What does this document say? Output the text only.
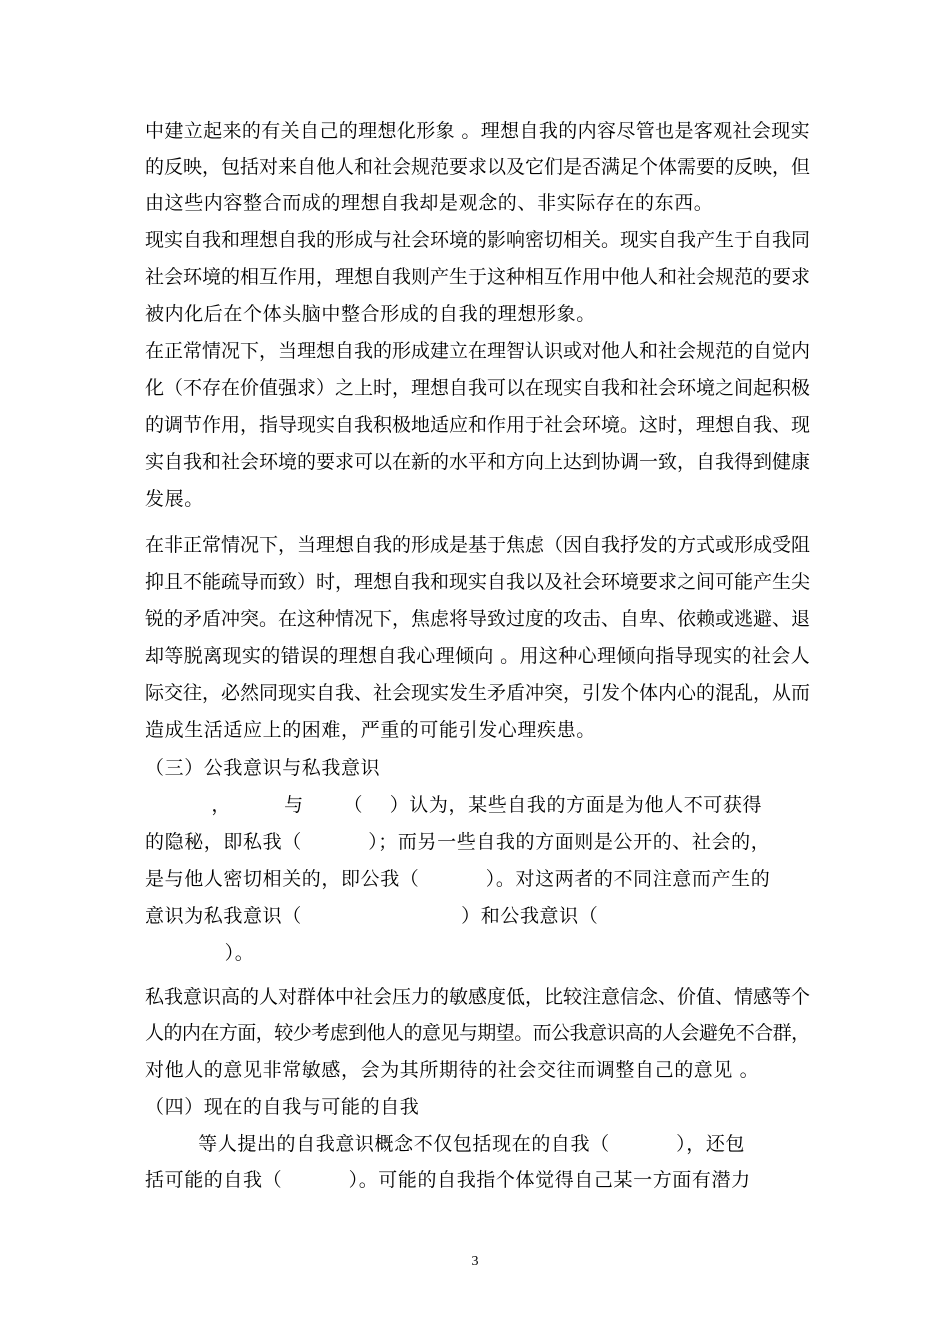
中建立起来的有关自己的理想化形象 。理想自我的内容尽管也是客观社会现实
的反映，包括对来自他人和社会规范要求以及它们是否满足个体需要的反映，但
由这些内容整合而成的理想自我却是观念的、非实际存在的东西。
现实自我和理想自我的形成与社会环境的影响密切相关。现实自我产生于自我同
社会环境的相互作用，理想自我则产生于这种相互作用中他人和社会规范的要求
被内化后在个体头脑中整合形成的自我的理想形象。
在正常情况下，当理想自我的形成建立在理智认识或对他人和社会规范的自觉内
化（不存在价值强求）之上时，理想自我可以在现实自我和社会环境之间起积极
的调节作用，指导现实自我积极地适应和作用于社会环境。这时，理想自我、现
实自我和社会环境的要求可以在新的水平和方向上达到协调一致，自我得到健康
发展。
在非正常情况下，当理想自我的形成是基于焦虑（因自我抒发的方式或形成受阻
抑且不能疏导而致）时，理想自我和现实自我以及社会环境要求之间可能产生尖
锐的矛盾冲突。在这种情况下，焦虑将导致过度的攻击、自卑、依赖或逃避、退
却等脱离现实的错误的理想自我心理倾向 。用这种心理倾向指导现实的社会人
际交往，必然同现实自我、社会现实发生矛盾冲突，引发个体内心的混乱，从而
造成生活适应上的困难，严重的可能引发心理疾患。
（三）公我意识与私我意识
，        与      （    ）认为，某些自我的方面是为他人不可获得
的隐秘，即私我（          ）；而另一些自我的方面则是公开的、社会的，
是与他人密切相关的，即公我（          ）。对这两者的不同注意而产生的
意识为私我意识（                        ）和公我意识（
）。
私我意识高的人对群体中社会压力的敏感度低，比较注意信念、价值、情感等个
人的内在方面，较少考虑到他人的意见与期望。而公我意识高的人会避免不合群，
对他人的意见非常敏感，会为其所期待的社会交往而调整自己的意见 。
（四）现在的自我与可能的自我
等人提出的自我意识概念不仅包括现在的自我（          ），还包
括可能的自我（          ）。可能的自我指个体觉得自己某一方面有潜力
3
